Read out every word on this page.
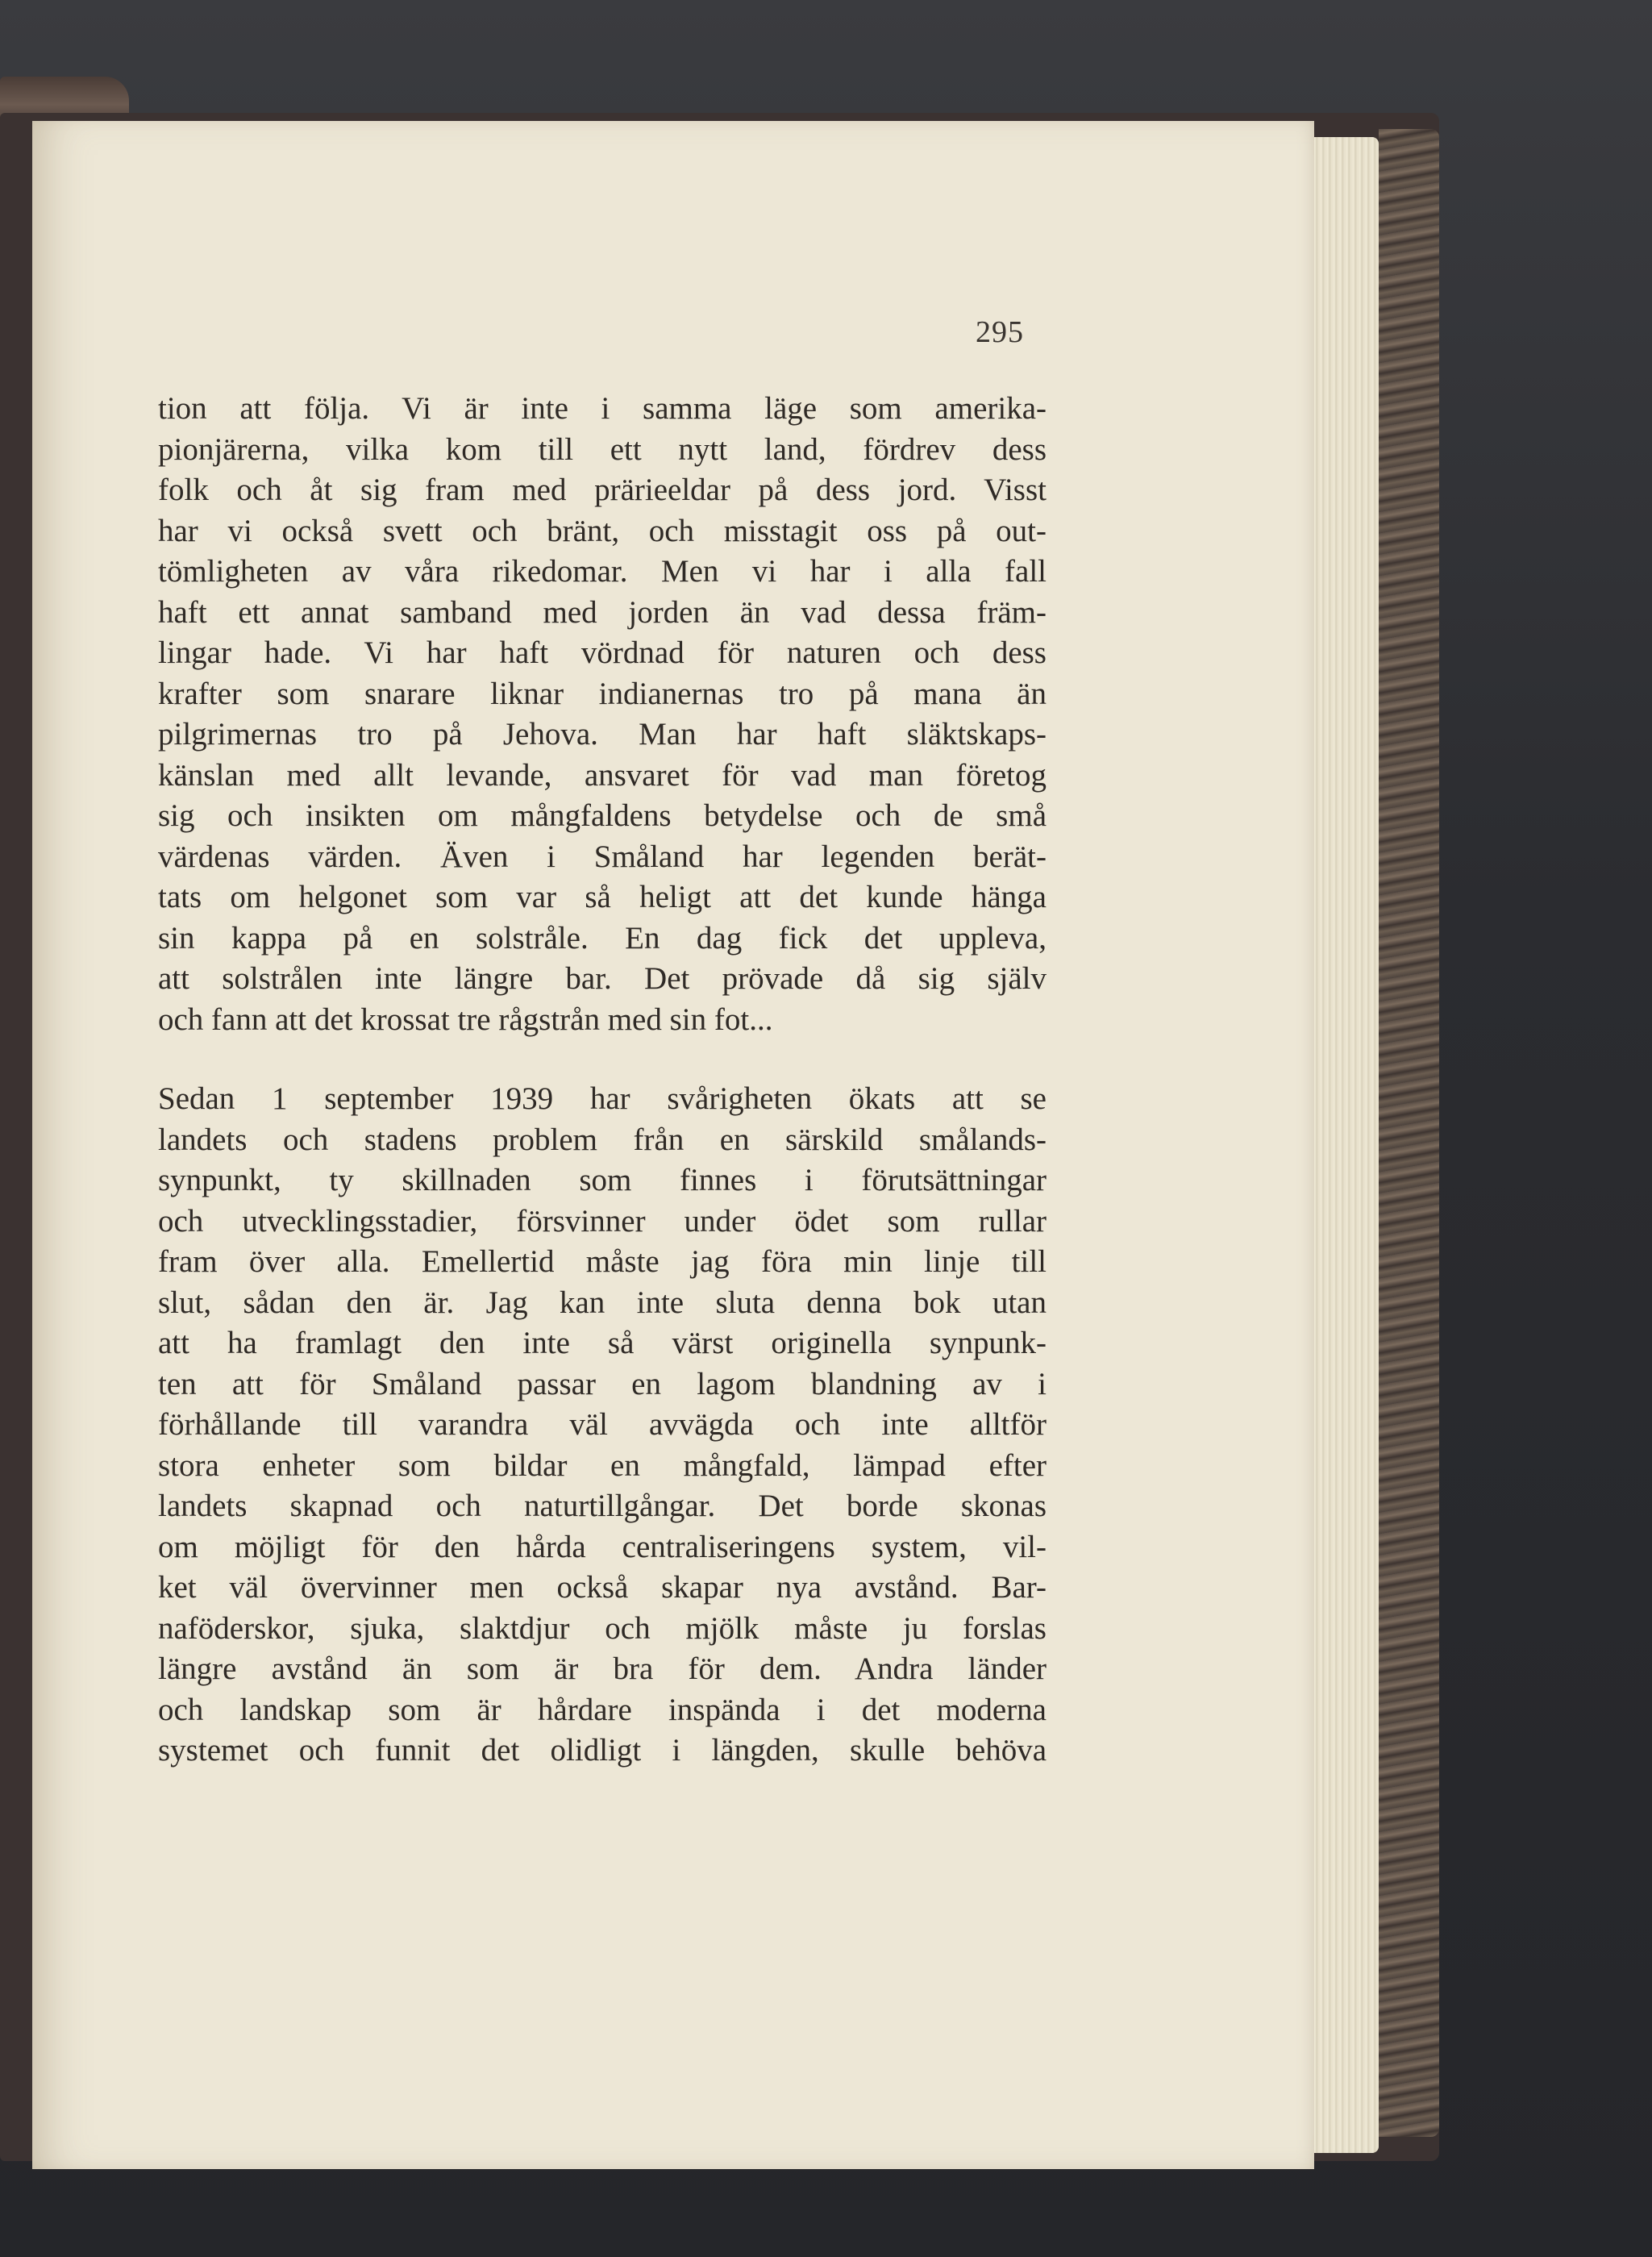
295
tion att följa. Vi är inte i samma läge som amerika-
pionjärerna, vilka kom till ett nytt land, fördrev dess
folk och åt sig fram med prärieeldar på dess jord. Visst
har vi också svett och bränt, och misstagit oss på out-
tömligheten av våra rikedomar. Men vi har i alla fall
haft ett annat samband med jorden än vad dessa främ-
lingar hade. Vi har haft vördnad för naturen och dess
krafter som snarare liknar indianernas tro på mana än
pilgrimernas tro på Jehova. Man har haft släktskaps-
känslan med allt levande, ansvaret för vad man företog
sig och insikten om mångfaldens betydelse och de små
värdenas värden. Även i Småland har legenden berät-
tats om helgonet som var så heligt att det kunde hänga
sin kappa på en solstråle. En dag fick det uppleva,
att solstrålen inte längre bar. Det prövade då sig själv
och fann att det krossat tre rågstrån med sin fot...
Sedan 1 september 1939 har svårigheten ökats att se
landets och stadens problem från en särskild smålands-
synpunkt, ty skillnaden som finnes i förutsättningar
och utvecklingsstadier, försvinner under ödet som rullar
fram över alla. Emellertid måste jag föra min linje till
slut, sådan den är. Jag kan inte sluta denna bok utan
att ha framlagt den inte så värst originella synpunk-
ten att för Småland passar en lagom blandning av i
förhållande till varandra väl avvägda och inte alltför
stora enheter som bildar en mångfald, lämpad efter
landets skapnad och naturtillgångar. Det borde skonas
om möjligt för den hårda centraliseringens system, vil-
ket väl övervinner men också skapar nya avstånd. Bar-
naföderskor, sjuka, slaktdjur och mjölk måste ju forslas
längre avstånd än som är bra för dem. Andra länder
och landskap som är hårdare inspända i det moderna
systemet och funnit det olidligt i längden, skulle behöva
